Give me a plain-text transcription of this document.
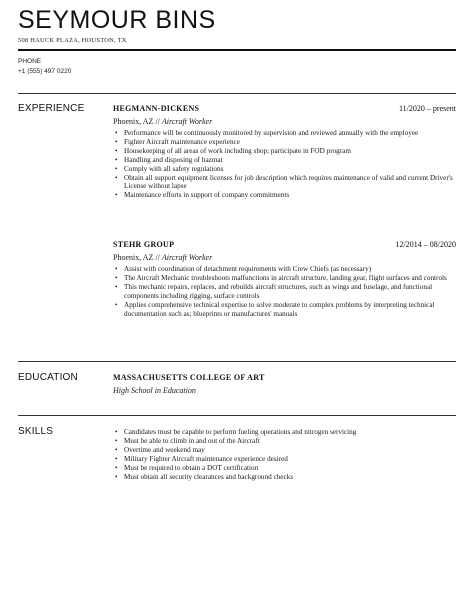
SEYMOUR BINS
508 HAUCK PLAZA, HOUSTON, TX
PHONE
+1 (555) 497 0220
EXPERIENCE	HEGMANN-DICKENS	11/2020 – present
Phoenix, AZ // Aircraft Worker
• Performance will be continuously monitored by supervision and reviewed annually with the employee
• Fighter Aircraft maintenance experience
• Housekeeping of all areas of work including shop; participate in FOD program
• Handling and disposing of hazmat
• Comply with all safety regulations
• Obtain all support equipment licenses for job description which requires maintenance of valid and current Driver's License without lapse
• Maintenance efforts in support of company commitments
STEHR GROUP	12/2014 – 08/2020
Phoenix, AZ // Aircraft Worker
• Assist with coordination of detachment requirements with Crew Chiefs (as necessary)
• The Aircraft Mechanic troubleshoots malfunctions in aircraft structure, landing gear, flight surfaces and controls
• This mechanic repairs, replaces, and rebuilds aircraft structures, such as wings and fuselage, and functional components including rigging, surface controls
• Applies comprehensive technical expertise to solve moderate to complex problems by interpreting technical documentation such as; blueprints or manufactures' manuals
EDUCATION	MASSACHUSETTS COLLEGE OF ART
High School in Education
SKILLS
•	Candidates must be capable to perform fueling operations and nitrogen servicing
• Must be able to climb in and out of the Aircraft
• Overtime and weekend may
• Military Fighter Aircraft maintenance experience desired
• Must be required to obtain a DOT certification
• Must obtain all security clearances and background checks
